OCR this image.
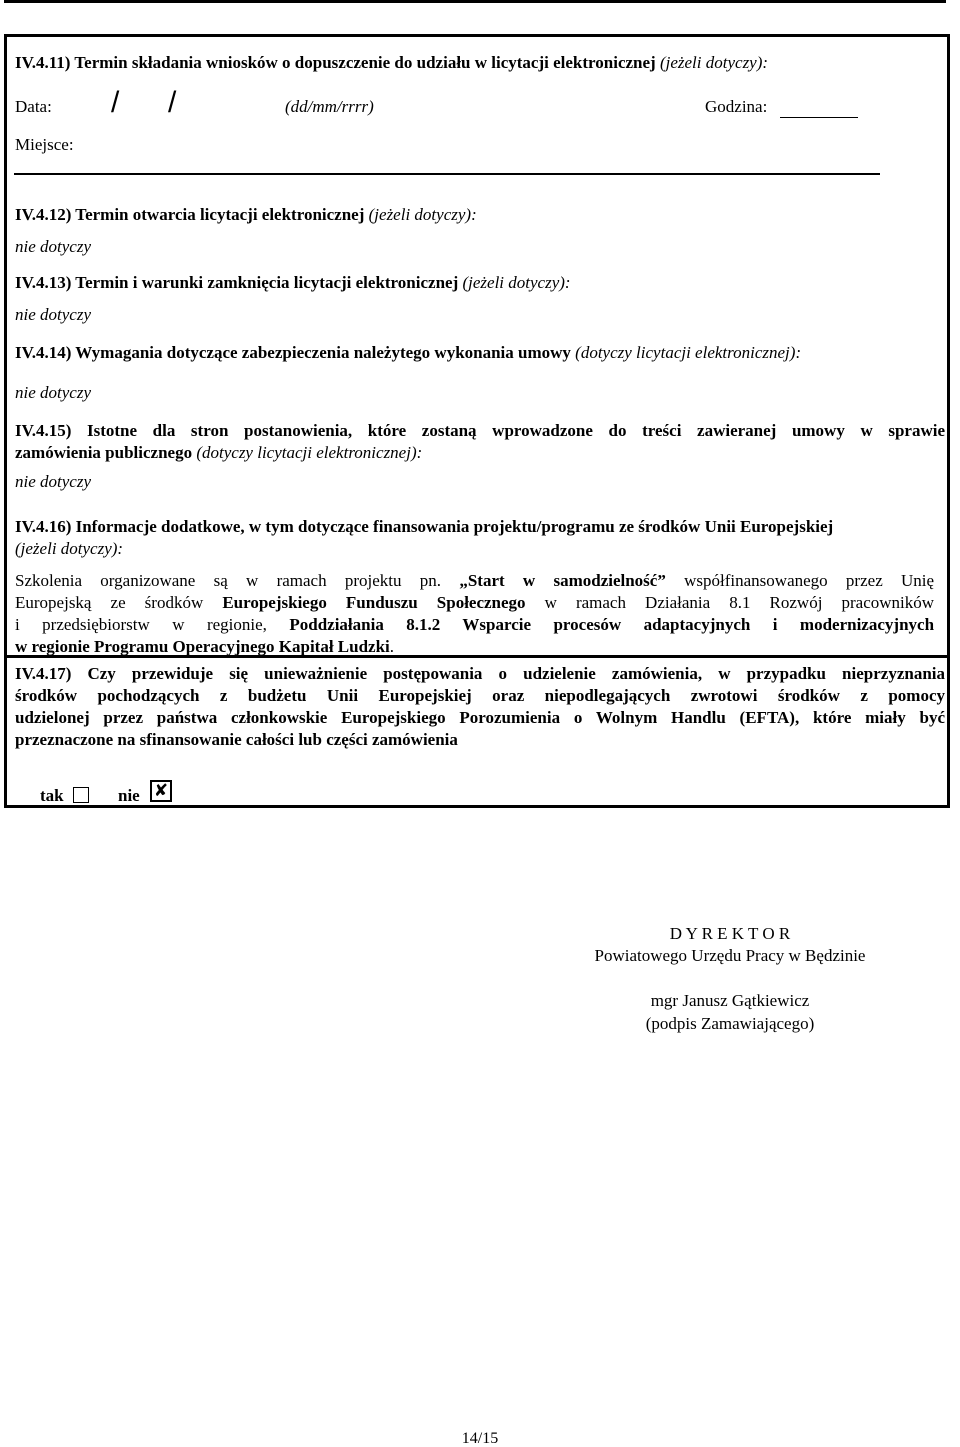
IV.4.11) Termin składania wniosków o dopuszczenie do udziału w licytacji elektronicznej (jeżeli dotyczy):
Data: / /	(dd/mm/rrrr)	Godzina:
Miejsce:
IV.4.12) Termin otwarcia licytacji elektronicznej (jeżeli dotyczy):
nie dotyczy
IV.4.13) Termin i warunki zamknięcia licytacji elektronicznej (jeżeli dotyczy):
nie dotyczy
IV.4.14) Wymagania dotyczące zabezpieczenia należytego wykonania umowy (dotyczy licytacji elektronicznej):
nie dotyczy
IV.4.15) Istotne dla stron postanowienia, które zostaną wprowadzone do treści zawieranej umowy w sprawie
zamówienia publicznego (dotyczy licytacji elektronicznej):
nie dotyczy
IV.4.16) Informacje dodatkowe, w tym dotyczące finansowania projektu/programu ze środków Unii Europejskiej
(jeżeli dotyczy):
Szkolenia organizowane są w ramach projektu pn. „Start w samodzielność” współfinansowanego przez Unię
Europejską ze środków Europejskiego Funduszu Społecznego w ramach Działania 8.1 Rozwój pracowników
i przedsiębiorstw w regionie, Poddziałania 8.1.2 Wsparcie procesów adaptacyjnych i modernizacyjnych
w regionie Programu Operacyjnego Kapitał Ludzki.
IV.4.17) Czy przewiduje się unieważnienie postępowania o udzielenie zamówienia, w przypadku nieprzyznania
środków pochodzących z budżetu Unii Europejskiej oraz niepodlegających zwrotowi środków z pomocy
udzielonej przez państwa członkowskie Europejskiego Porozumienia o Wolnym Handlu (EFTA), które miały być
przeznaczone na sfinansowanie całości lub części zamówienia
tak	nie ✘
D Y R E K T O R
Powiatowego Urzędu Pracy w Będzinie
mgr Janusz Gątkiewicz
(podpis Zamawiającego)
14/15
